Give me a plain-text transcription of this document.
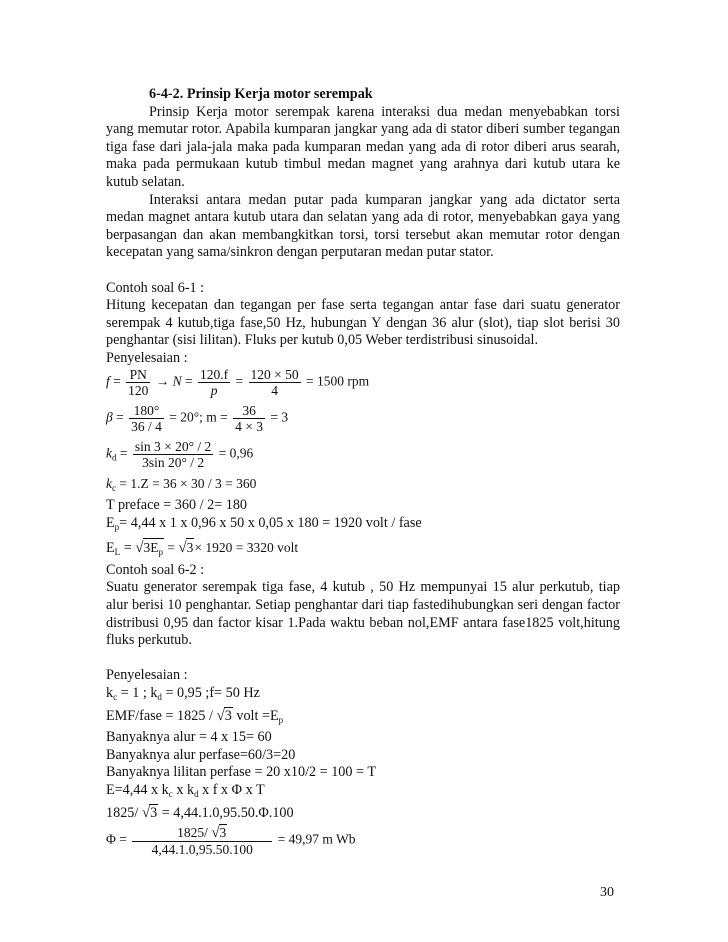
6-4-2. Prinsip Kerja motor serempak

Prinsip Kerja motor serempak karena interaksi dua medan menyebabkan torsi yang memutar rotor. Apabila kumparan jangkar yang ada di stator diberi sumber tegangan tiga fase dari jala-jala maka pada kumparan medan yang ada di rotor diberi arus searah, maka pada permukaan kutub timbul medan magnet yang arahnya dari kutub utara ke kutub selatan.

Interaksi antara medan putar pada kumparan jangkar yang ada dictator serta medan magnet antara kutub utara dan selatan yang ada di rotor, menyebabkan gaya yang berpasangan dan akan membangkitkan torsi, torsi tersebut akan memutar rotor dengan kecepatan yang sama/sinkron dengan perputaran medan putar stator.

Contoh soal 6-1 :

Hitung kecepatan dan tegangan per fase serta tegangan antar fase dari suatu generator serempak 4 kutub,tiga fase,50 Hz, hubungan Y dengan 36 alur (slot), tiap slot berisi 30 penghantar (sisi lilitan). Fluks per kutub 0,05 Weber terdistribusi sinusoidal.

Penyelesaian :

$f = \frac{PN}{120} \to N = \frac{120.f}{p} = \frac{120 \times 50}{4} = 1500$ rpm
$\beta = \frac{180^\circ}{36 / 4} = 20^\circ$; $m = \frac{36}{4 \times 3} = 3$
$k_d = \frac{\sin 3 \times 20^\circ / 2}{3\sin 20^\circ / 2} = 0,96$

$k_c = 1.Z = 36 \times 30 / 3 = 360$

T preface = 360 / 2= 180

$E_p= 4,44$ x 1 x 0,96 x 50 x 0,05 x 180 = 1920 volt / fase

$E_L = √3E_p = √3\times 1920 = 3320$ volt

Contoh soal 6-2 :

Suatu generator serempak tiga fase, 4 kutub , 50 Hz mempunyai 15 alur perkutub, tiap alur berisi 10 penghantar. Setiap penghantar dari tiap fastedihubungkan seri dengan factor distribusi 0,95 dan factor kisar 1.Pada waktu beban nol,EMF antara fase1825 volt,hitung fluks perkutub.

Penyelesaian :

$k_c = 1$ ; $k_d = 0,95$ ;f= 50 Hz

EMF/fase = 1825 / √3 volt $=E_p$

Banyaknya alur = 4 x 15= 60

Banyaknya alur perfase=60/3=20

Banyaknya lilitan perfase = 20 x10/2 = 100 = T

E=4,44 x $k_c$ x $k_d$ x f x Φ x T

1825/ √3 = 4,44.1.0,95.50.Φ.100

$\Phi = \frac{1825/ √3}{4,44.1.0,95.50.100} = 49,97$ m Wb
30
